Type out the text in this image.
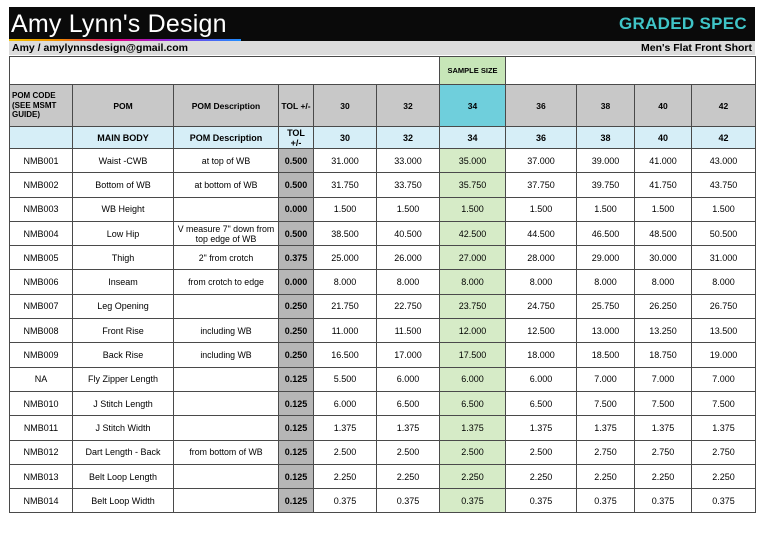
Amy Lynn's Design	GRADED SPEC
Amy / amylynnsdesign@gmail.com	Men's Flat Front Short
						SAMPLE SIZE				
POM CODE (SEE MSMT GUIDE)	POM	POM Description	TOL +/-	30	32	34	36	38	40	42
	MAIN BODY	POM Description	TOL +/-	30	32	34	36	38	40	42
NMB001	Waist -CWB	at top of WB	0.500	31.000	33.000	35.000	37.000	39.000	41.000	43.000
NMB002	Bottom of WB	at bottom of WB	0.500	31.750	33.750	35.750	37.750	39.750	41.750	43.750
NMB003	WB Height		0.000	1.500	1.500	1.500	1.500	1.500	1.500	1.500
NMB004	Low Hip	V measure 7" down from top edge of WB	0.500	38.500	40.500	42.500	44.500	46.500	48.500	50.500
NMB005	Thigh	2" from crotch	0.375	25.000	26.000	27.000	28.000	29.000	30.000	31.000
NMB006	Inseam	from crotch to edge	0.000	8.000	8.000	8.000	8.000	8.000	8.000	8.000
NMB007	Leg Opening		0.250	21.750	22.750	23.750	24.750	25.750	26.250	26.750
NMB008	Front Rise	including WB	0.250	11.000	11.500	12.000	12.500	13.000	13.250	13.500
NMB009	Back Rise	including WB	0.250	16.500	17.000	17.500	18.000	18.500	18.750	19.000
NA	Fly Zipper Length		0.125	5.500	6.000	6.000	6.000	7.000	7.000	7.000
NMB010	J Stitch Length		0.125	6.000	6.500	6.500	6.500	7.500	7.500	7.500
NMB011	J Stitch Width		0.125	1.375	1.375	1.375	1.375	1.375	1.375	1.375
NMB012	Dart Length - Back	from bottom of WB	0.125	2.500	2.500	2.500	2.500	2.750	2.750	2.750
NMB013	Belt Loop Length		0.125	2.250	2.250	2.250	2.250	2.250	2.250	2.250
NMB014	Belt Loop Width		0.125	0.375	0.375	0.375	0.375	0.375	0.375	0.375
